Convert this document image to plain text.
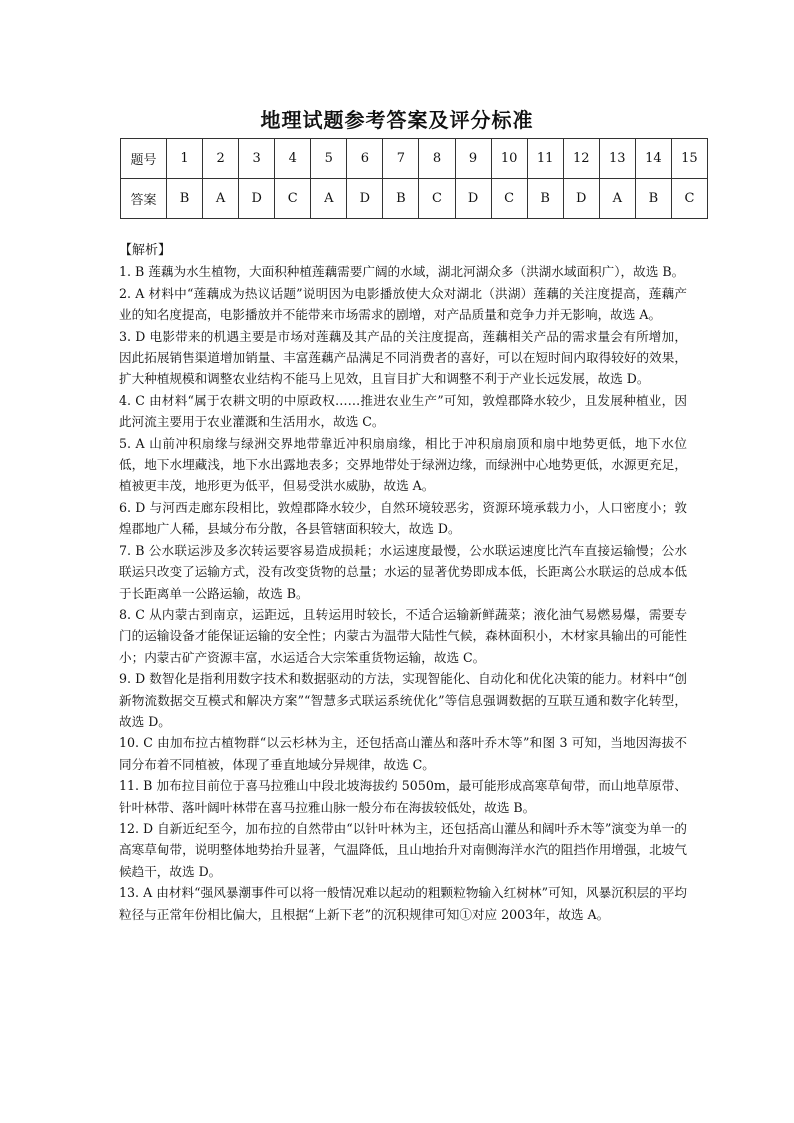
地理试题参考答案及评分标准
题号	1	2	3	4	5	6	7	8	9	10	11	12	13	14	15
答案	B	A	D	C	A	D	B	C	D	C	B	D	A	B	C
【解析】

1. B 莲藕为水生植物，大面积种植莲藕需要广阔的水域，湖北河湖众多（洪湖水域面积广），故选 B。

2. A 材料中“莲藕成为热议话题”说明因为电影播放使大众对湖北（洪湖）莲藕的关注度提高，莲藕产业的知名度提高，电影播放并不能带来市场需求的剧增，对产品质量和竞争力并无影响，故选 A。

3. D 电影带来的机遇主要是市场对莲藕及其产品的关注度提高，莲藕相关产品的需求量会有所增加，因此拓展销售渠道增加销量、丰富莲藕产品满足不同消费者的喜好，可以在短时间内取得较好的效果，扩大种植规模和调整农业结构不能马上见效，且盲目扩大和调整不利于产业长远发展，故选 D。

4. C 由材料“属于农耕文明的中原政权……推进农业生产”可知，敦煌郡降水较少，且发展种植业，因此河流主要用于农业灌溉和生活用水，故选 C。

5. A 山前冲积扇缘与绿洲交界地带靠近冲积扇扇缘，相比于冲积扇扇顶和扇中地势更低，地下水位低，地下水埋藏浅，地下水出露地表多；交界地带处于绿洲边缘，而绿洲中心地势更低，水源更充足，植被更丰茂，地形更为低平，但易受洪水威胁，故选 A。

6. D 与河西走廊东段相比，敦煌郡降水较少，自然环境较恶劣，资源环境承载力小，人口密度小；敦煌郡地广人稀，县域分布分散，各县管辖面积较大，故选 D。

7. B 公水联运涉及多次转运要容易造成损耗；水运速度最慢，公水联运速度比汽车直接运输慢；公水联运只改变了运输方式，没有改变货物的总量；水运的显著优势即成本低，长距离公水联运的总成本低于长距离单一公路运输，故选 B。

8. C 从内蒙古到南京，运距远，且转运用时较长，不适合运输新鲜蔬菜；液化油气易燃易爆，需要专门的运输设备才能保证运输的安全性；内蒙古为温带大陆性气候，森林面积小，木材家具输出的可能性小；内蒙古矿产资源丰富，水运适合大宗笨重货物运输，故选 C。

9. D 数智化是指利用数字技术和数据驱动的方法，实现智能化、自动化和优化决策的能力。材料中“创新物流数据交互模式和解决方案”“智慧多式联运系统优化”等信息强调数据的互联互通和数字化转型，故选 D。

10. C 由加布拉古植物群“以云杉林为主，还包括高山灌丛和落叶乔木等”和图 3 可知，当地因海拔不同分布着不同植被，体现了垂直地域分异规律，故选 C。

11. B 加布拉目前位于喜马拉雅山中段北坡海拔约 5050m，最可能形成高寒草甸带，而山地草原带、针叶林带、落叶阔叶林带在喜马拉雅山脉一般分布在海拔较低处，故选 B。

12. D 自新近纪至今，加布拉的自然带由“以针叶林为主，还包括高山灌丛和阔叶乔木等”演变为单一的高寒草甸带，说明整体地势抬升显著，气温降低，且山地抬升对南侧海洋水汽的阻挡作用增强，北坡气候趋干，故选 D。

13. A 由材料“强风暴潮事件可以将一般情况难以起动的粗颗粒物输入红树林”可知，风暴沉积层的平均粒径与正常年份相比偏大，且根据“上新下老”的沉积规律可知①对应 2003年，故选 A。
